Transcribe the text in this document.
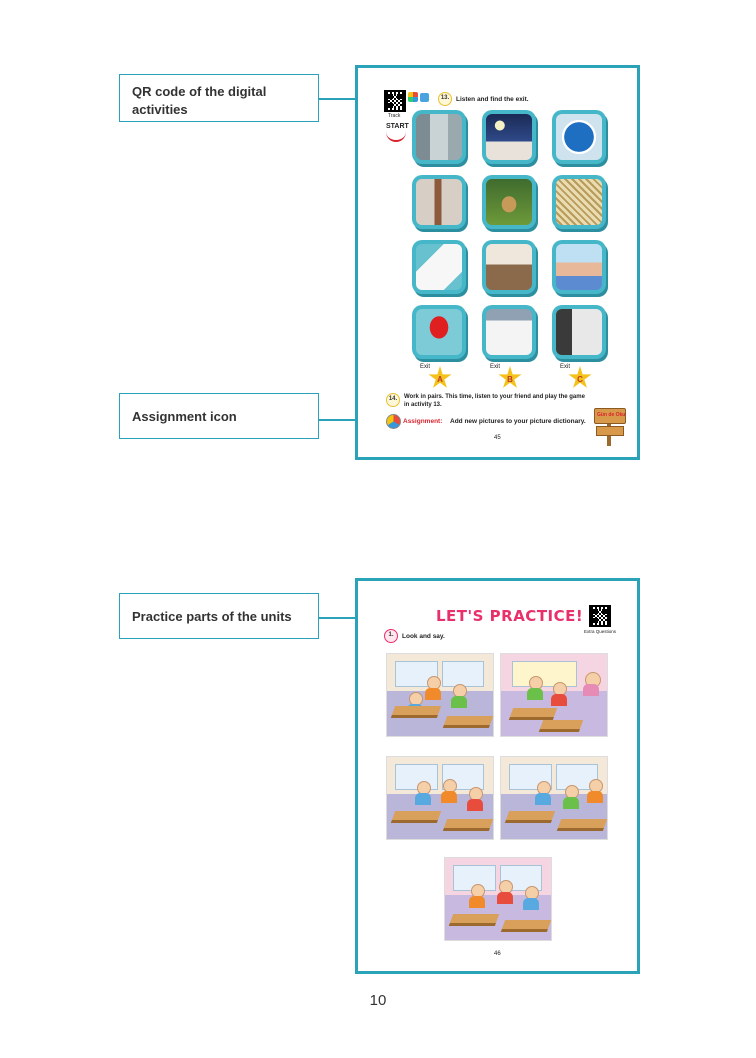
QR code of the digital activities
Assignment icon
Practice parts of the units
Track
13.	Listen and find the exit.
START
Exit
A
Exit
B
Exit
C
14.	Work in pairs. This time, listen to your friend and play the game
in activity 13.
Assignment: Add new pictures to your picture dictionary.
Gün de Oku
45
LET'S PRACTICE!
Extra Questions
1.	Look and say.
46
10
